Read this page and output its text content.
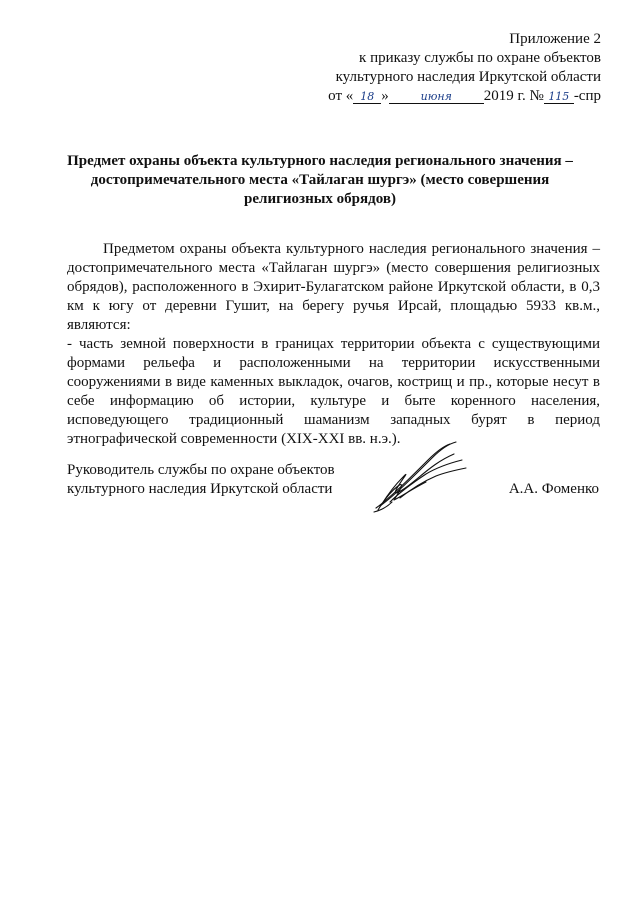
Приложение 2
к приказу службы по охране объектов
культурного наследия Иркутской области
от « 18 »	июня 2019 г. № 115 -спр
Предмет охраны объекта культурного наследия регионального значения –
достопримечательного места «Тайлаган шургэ» (место совершения
религиозных обрядов)

Предметом охраны объекта культурного наследия регионального значения – достопримечательного места «Тайлаган шургэ» (место совершения религиозных обрядов), расположенного в Эхирит-Булагатском районе Иркутской области, в 0,3 км к югу от деревни Гушит, на берегу ручья Ирсай, площадью 5933 кв.м., являются:

- часть земной поверхности в границах территории объекта с существующими формами рельефа и расположенными на территории искусственными сооружениями в виде каменных выкладок, очагов, кострищ и пр., которые несут в себе информацию об истории, культуре и быте коренного населения, исповедующего традиционный шаманизм западных бурят в период этнографической современности (XIX-XXI вв. н.э.).

Руководитель службы по охране объектов
культурного наследия Иркутской области	А.А. Фоменко
